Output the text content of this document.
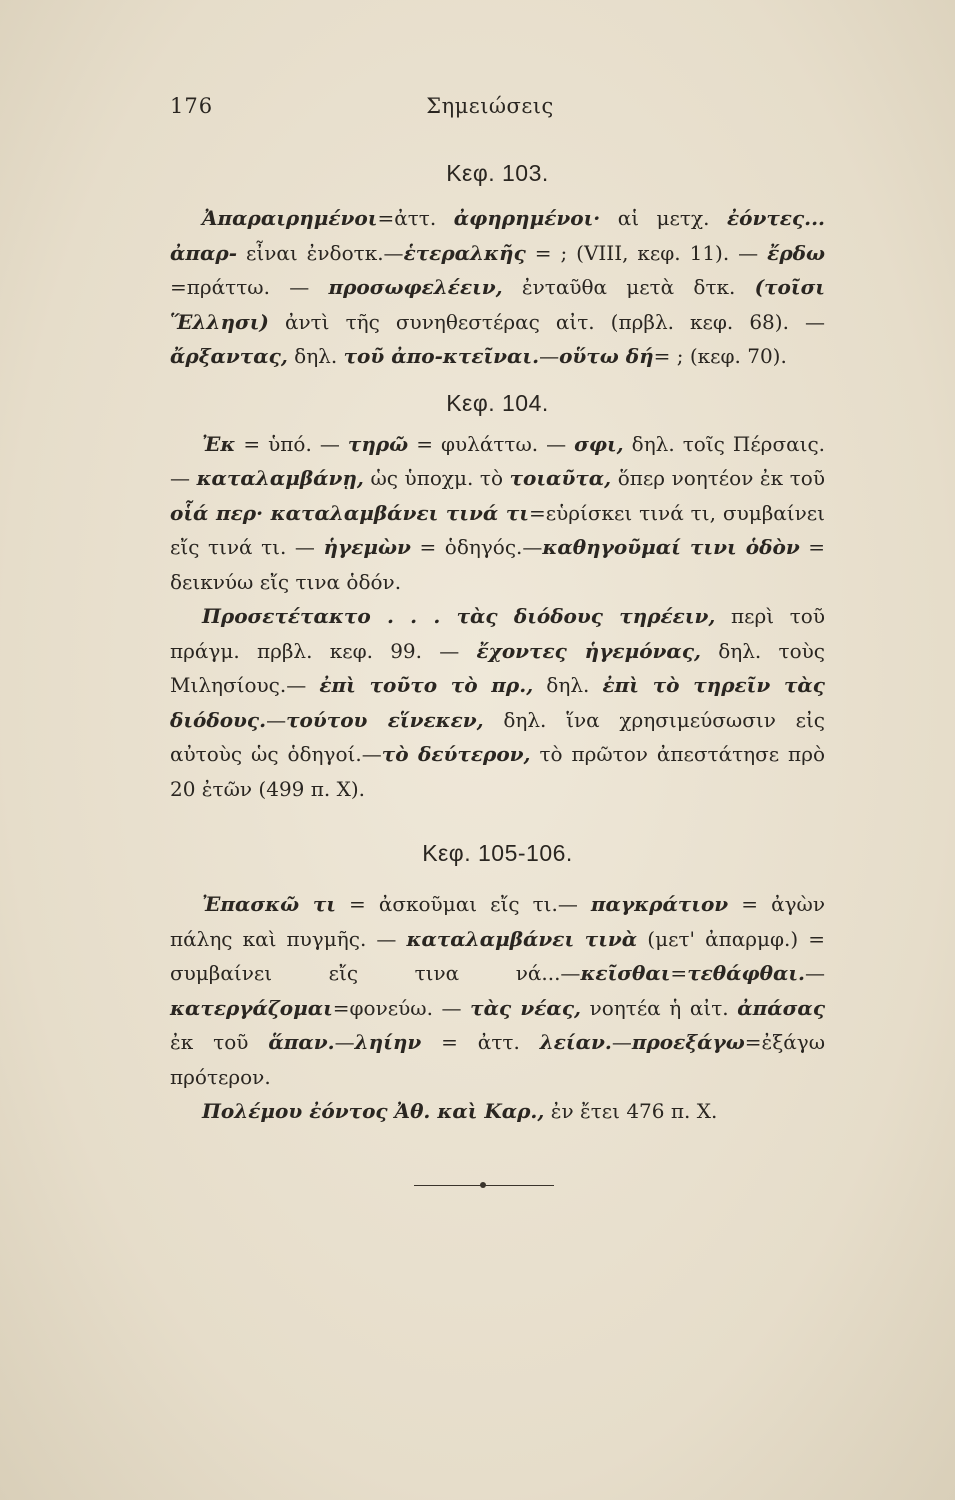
176	Σημειώσεις
Κεφ. 103.

Ἀπαραιρημένοι=ἀττ. ἀφηρημένοι· αἱ μετχ. ἐόντες... ἀπαρ- εἶναι ἐνδοτκ.—ἑτεραλκῆς = ; (VIII, κεφ. 11). — ἔρδω =πράττω. — προσωφελέειν, ἐνταῦθα μετὰ δτκ. (τοῖσι Ἕλλησι) ἀντὶ τῆς συνηθεστέρας αἰτ. (πρβλ. κεφ. 68). — ἄρξαντας, δηλ. τοῦ ἀπο-κτεῖναι.—οὕτω δή= ; (κεφ. 70).

Κεφ. 104.

Ἐκ = ὑπό. — τηρῶ = φυλάττω. — σφι, δηλ. τοῖς Πέρσαις. — καταλαμβάνῃ, ὡς ὑποχμ. τὸ τοιαῦτα, ὅπερ νοητέον ἐκ τοῦ οἷά περ· καταλαμβάνει τινά τι=εὑρίσκει τινά τι, συμβαίνει εἴς τινά τι. — ἡγεμὼν = ὁδηγός.—καθηγοῦμαί τινι ὁδὸν = δεικνύω εἴς τινα ὁδόν.

Προσετέτακτο . . . τὰς διόδους τηρέειν, περὶ τοῦ πράγμ. πρβλ. κεφ. 99. — ἔχοντες ἡγεμόνας, δηλ. τοὺς Μιλησίους.— ἐπὶ τοῦτο τὸ πρ., δηλ. ἐπὶ τὸ τηρεῖν τὰς διόδους.—τούτου εἵνεκεν, δηλ. ἵνα χρησιμεύσωσιν εἰς αὐτοὺς ὡς ὁδηγοί.—τὸ δεύτερον, τὸ πρῶτον ἀπεστάτησε πρὸ 20 ἐτῶν (499 π. Χ).

Κεφ. 105-106.

Ἐπασκῶ τι = ἀσκοῦμαι εἴς τι.— παγκράτιον = ἀγὼν πάλης καὶ πυγμῆς. — καταλαμβάνει τινὰ (μετ' ἀπαρμφ.) = συμβαίνει εἴς τινα νά...—κεῖσθαι=τεθάφθαι.—κατεργάζομαι=φονεύω. — τὰς νέας, νοητέα ἡ αἰτ. ἀπάσας ἐκ τοῦ ἅπαν.—ληίην = ἀττ. λείαν.—προεξάγω=ἐξάγω πρότερον.

Πολέμου ἐόντος Ἀθ. καὶ Καρ., ἐν ἔτει 476 π. Χ.
